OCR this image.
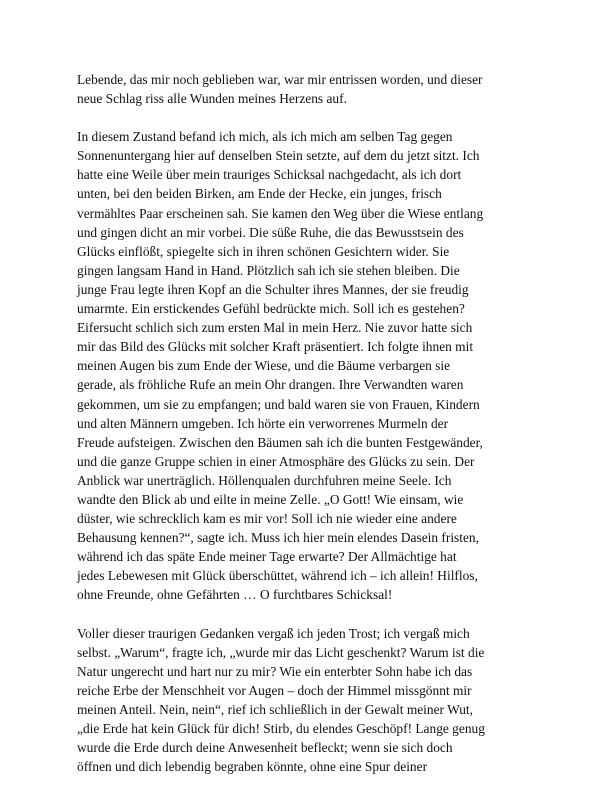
Lebende, das mir noch geblieben war, war mir entrissen worden, und dieser
neue Schlag riss alle Wunden meines Herzens auf.

In diesem Zustand befand ich mich, als ich mich am selben Tag gegen
Sonnenuntergang hier auf denselben Stein setzte, auf dem du jetzt sitzt. Ich
hatte eine Weile über mein trauriges Schicksal nachgedacht, als ich dort
unten, bei den beiden Birken, am Ende der Hecke, ein junges, frisch
vermähltes Paar erscheinen sah. Sie kamen den Weg über die Wiese entlang
und gingen dicht an mir vorbei. Die süße Ruhe, die das Bewusstsein des
Glücks einflößt, spiegelte sich in ihren schönen Gesichtern wider. Sie
gingen langsam Hand in Hand. Plötzlich sah ich sie stehen bleiben. Die
junge Frau legte ihren Kopf an die Schulter ihres Mannes, der sie freudig
umarmte. Ein erstickendes Gefühl bedrückte mich. Soll ich es gestehen?
Eifersucht schlich sich zum ersten Mal in mein Herz. Nie zuvor hatte sich
mir das Bild des Glücks mit solcher Kraft präsentiert. Ich folgte ihnen mit
meinen Augen bis zum Ende der Wiese, und die Bäume verbargen sie
gerade, als fröhliche Rufe an mein Ohr drangen. Ihre Verwandten waren
gekommen, um sie zu empfangen; und bald waren sie von Frauen, Kindern
und alten Männern umgeben. Ich hörte ein verworrenes Murmeln der
Freude aufsteigen. Zwischen den Bäumen sah ich die bunten Festgewänder,
und die ganze Gruppe schien in einer Atmosphäre des Glücks zu sein. Der
Anblick war unerträglich. Höllenqualen durchfuhren meine Seele. Ich
wandte den Blick ab und eilte in meine Zelle. „O Gott! Wie einsam, wie
düster, wie schrecklich kam es mir vor! Soll ich nie wieder eine andere
Behausung kennen?“, sagte ich. Muss ich hier mein elendes Dasein fristen,
während ich das späte Ende meiner Tage erwarte? Der Allmächtige hat
jedes Lebewesen mit Glück überschüttet, während ich – ich allein! Hilflos,
ohne Freunde, ohne Gefährten … O furchtbares Schicksal!

Voller dieser traurigen Gedanken vergaß ich jeden Trost; ich vergaß mich
selbst. „Warum“, fragte ich, „wurde mir das Licht geschenkt? Warum ist die
Natur ungerecht und hart nur zu mir? Wie ein enterbter Sohn habe ich das
reiche Erbe der Menschheit vor Augen – doch der Himmel missgönnt mir
meinen Anteil. Nein, nein“, rief ich schließlich in der Gewalt meiner Wut,
„die Erde hat kein Glück für dich! Stirb, du elendes Geschöpf! Lange genug
wurde die Erde durch deine Anwesenheit befleckt; wenn sie sich doch
öffnen und dich lebendig begraben könnte, ohne eine Spur deiner
